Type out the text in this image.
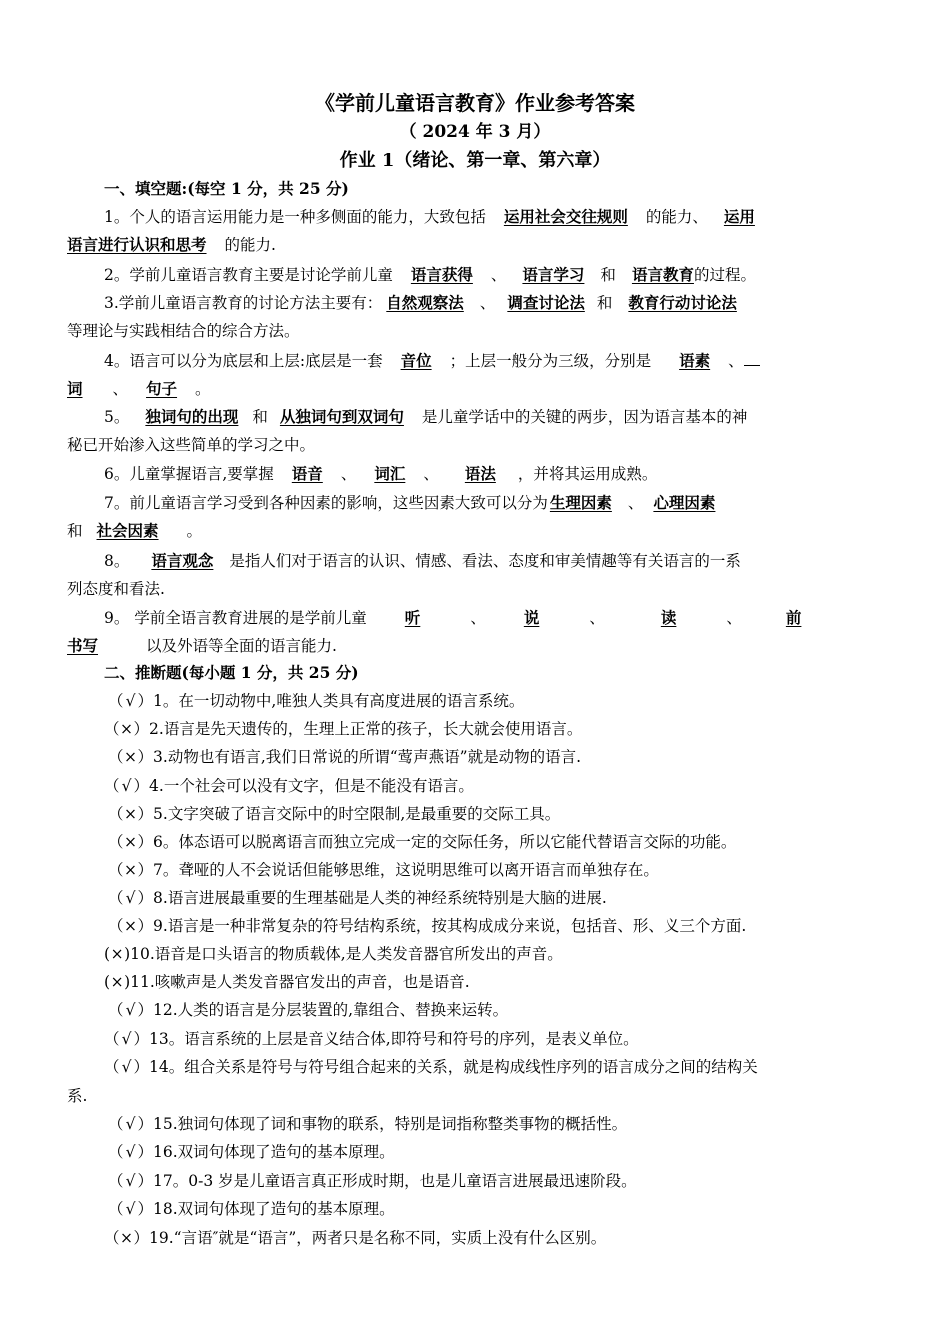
《学前儿童语言教育》作业参考答案
（ 2024 年 3 月）
作业 1（绪论、第一章、第六章）
一、填空题:(每空 1 分，共 25 分)
1。个人的语言运用能力是一种多侧面的能力，大致包括 运用社会交往规则 的能力、 运用
语言进行认识和思考 的能力.
2。学前儿童语言教育主要是讨论学前儿童 语言获得 、 语言学习 和 语言教育的过程。
3.学前儿童语言教育的讨论方法主要有： 自然观察法 、 调查讨论法 和 教育行动讨论法
等理论与实践相结合的综合方法。
4。语言可以分为底层和上层:底层是一套 音位 ；上层一般分为三级，分别是 语素 、
词 、 句子 。
5。 独词句的出现 和 从独词句到双词句 是儿童学话中的关键的两步，因为语言基本的神
秘已开始渗入这些简单的学习之中。
6。儿童掌握语言,要掌握 语音 、 词汇 、 语法 ，并将其运用成熟。
7。前儿童语言学习受到各种因素的影响，这些因素大致可以分为 生理因素 、 心理因素
和 社会因素 。
8。 语言观念 是指人们对于语言的认识、情感、看法、态度和审美情趣等有关语言的一系
列态度和看法.
9。 学前全语言教育进展的是学前儿童 听	、 说	、	读	、	前
书写	以及外语等全面的语言能力.
二、推断题(每小题 1 分，共 25 分)
（ √ ）1。在一切动物中,唯独人类具有高度进展的语言系统。
（×）2.语言是先天遗传的，生理上正常的孩子，长大就会使用语言。
（×）3.动物也有语言,我们日常说的所谓“莺声燕语”就是动物的语言.
（ √ ）4.一个社会可以没有文字，但是不能没有语言。
（×）5.文字突破了语言交际中的时空限制,是最重要的交际工具。
（×）6。体态语可以脱离语言而独立完成一定的交际任务，所以它能代替语言交际的功能。
（×）7。聋哑的人不会说话但能够思维，这说明思维可以离开语言而单独存在。
（ √ ）8.语言进展最重要的生理基础是人类的神经系统特别是大脑的进展.
（×）9.语言是一种非常复杂的符号结构系统，按其构成成分来说，包括音、形、义三个方面.
(×)10.语音是口头语言的物质载体,是人类发音器官所发出的声音。
(×)11.咳嗽声是人类发音器官发出的声音，也是语音.
（ √ ）12.人类的语言是分层装置的,靠组合、替换来运转。
（ √ ）13。语言系统的上层是音义结合体,即符号和符号的序列，是表义单位。
（ √ ）14。组合关系是符号与符号组合起来的关系，就是构成线性序列的语言成分之间的结构关
系.
（ √ ）15.独词句体现了词和事物的联系，特别是词指称整类事物的概括性。
（ √ ）16.双词句体现了造句的基本原理。
（ √ ）17。0-3 岁是儿童语言真正形成时期，也是儿童语言进展最迅速阶段。
（ √ ）18.双词句体现了造句的基本原理。
（×）19.“言语″就是“语言”，两者只是名称不同，实质上没有什么区别。
